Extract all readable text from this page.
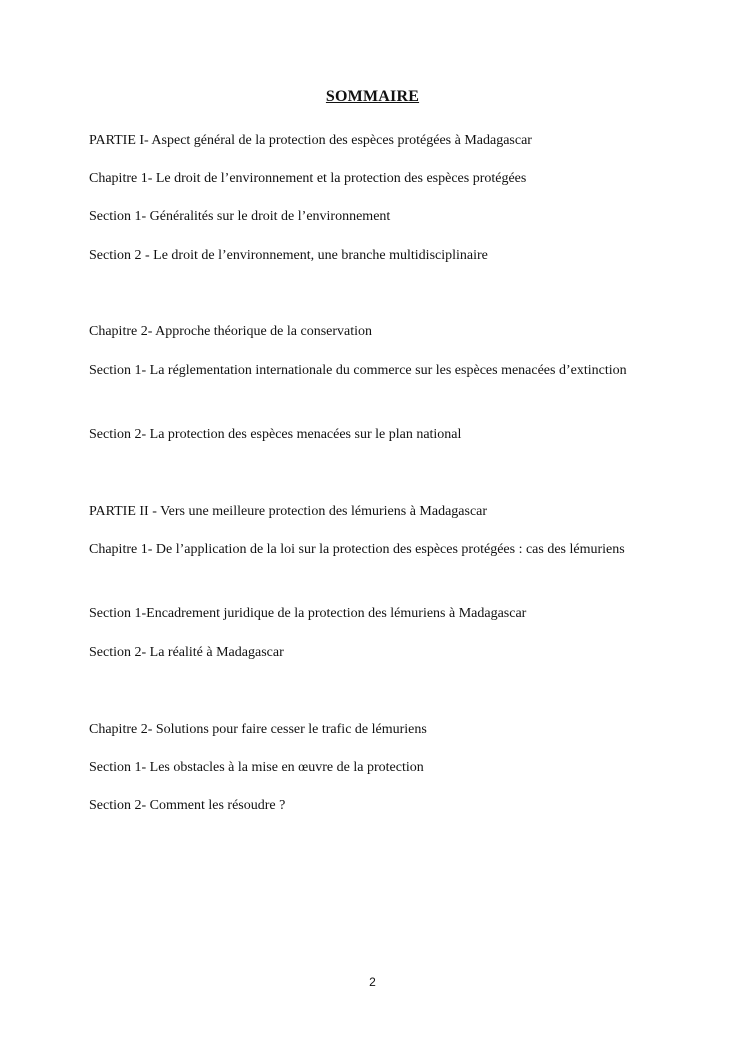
SOMMAIRE

PARTIE I- Aspect général de la protection des espèces protégées à Madagascar

Chapitre 1- Le droit de l’environnement et la protection des espèces protégées

Section 1- Généralités sur le droit de l’environnement

Section 2 - Le droit de l’environnement, une branche multidisciplinaire

Chapitre 2- Approche théorique de la conservation

Section 1- La réglementation internationale du commerce sur les espèces menacées d’extinction

Section 2- La protection des espèces menacées sur le plan national

PARTIE II - Vers une meilleure protection des lémuriens à Madagascar

Chapitre 1- De l’application de la loi sur la protection des espèces protégées : cas des lémuriens

Section 1-Encadrement juridique de la protection des lémuriens à Madagascar

Section 2- La réalité à Madagascar

Chapitre 2- Solutions pour faire cesser le trafic de lémuriens

Section 1- Les obstacles à la mise en œuvre de la protection

Section 2- Comment les résoudre ?

2
